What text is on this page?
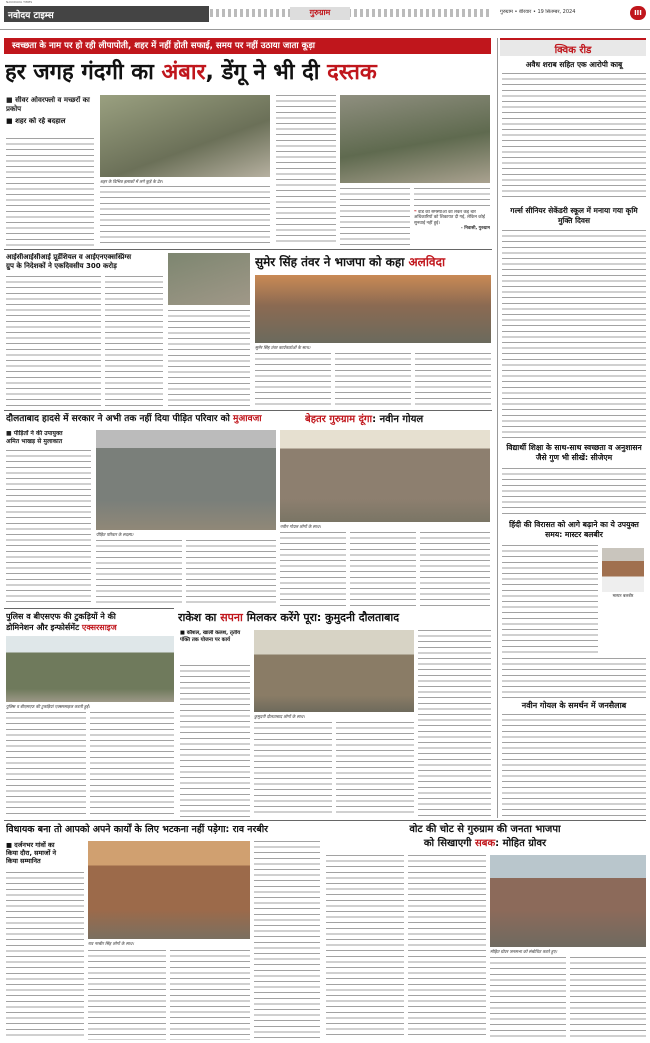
नवोदय टाइम्स
NAVODAYA TIMES
गुरुग्राम	गुरुग्राम • बीरवार • 19 सितम्बर, 2024	III
स्वच्छता के नाम पर हो रही लीपापोती, शहर में नहीं होती सफाई, समय पर नहीं उठाया जाता कूड़ा
हर जगह गंदगी का अंबार, डेंगू ने भी दी दस्तक
■ सीवर ओवरफ्लो व मच्छरों का प्रकोप
■ शहर को रहे बदहाल
शहर के विभिन्न इलाकों में लगे कूड़े के ढेर।
❝ वार्ड की समस्याओं को लेकर कई बार अधिकारियों को शिकायत दी गई, लेकिन कोई सुनवाई नहीं हुई।
- निवासी, गुरुग्राम
आईसीआईसीआई प्रूडेंशियल व आईएनएक्सस्प्रिंग्स
ग्रुप के निदेशकों ने एकदिवसीय 300 करोड़	सुमेर सिंह तंवर ने भाजपा को कहा अलविदा
सुमेर सिंह तंवर कार्यकर्ताओं के साथ।
दौलताबाद हादसे में सरकार ने अभी तक नहीं दिया पीड़ित परिवार को मुआवजा
■ पीड़ितों ने की उपायुक्त
अमित भाखड़ से मुलाकात
पीड़ित परिवार के सदस्य।
बेहतर गुरुग्राम दूंगा: नवीन गोयल
नवीन गोयल लोगों के साथ।
पुलिस व बीएसएफ की टुकड़ियों ने की
डोमिनेशन और इन्फोर्समेंट एक्सरसाइज
पुलिस व बीएसएफ की टुकड़ियां एक्सरसाइज करती हुईं।
राकेश का सपना मिलकर करेंगे पूरा: कुमुदनी दौलताबाद
■ कौशल, खाली कलश, तृतीय पंक्ति तक योजना पर कार्य
कुमुदनी दौलताबाद लोगों के साथ।
विधायक बना तो आपको अपने कार्यों के लिए भटकना नहीं पड़ेगा: राव नरबीर
■ दर्जनभर गांवों का
किया दौरा, समाजों ने
किया सम्मानित
राव नरबीर सिंह लोगों के साथ।
वोट की चोट से गुरुग्राम की जनता भाजपा
को सिखाएगी सबक: मोहित ग्रोवर
मोहित ग्रोवर जनसभा को संबोधित करते हुए।
क्विक रीड
अवैध शराब सहित एक आरोपी काबू
गर्ल्स सीनियर सेकेंडरी स्कूल में मनाया गया कृमि मुक्ति दिवस
विद्यार्थी शिक्षा के साथ-साथ स्वच्छता व अनुशासन जैसे गुण भी सीखें: सीजेएम
हिंदी की विरासत को आगे बढ़ाने का ये उपयुक्त समय: मास्टर बलबीर
मास्टर बलबीर
नवीन गोयल के समर्थन में जनसैलाब
